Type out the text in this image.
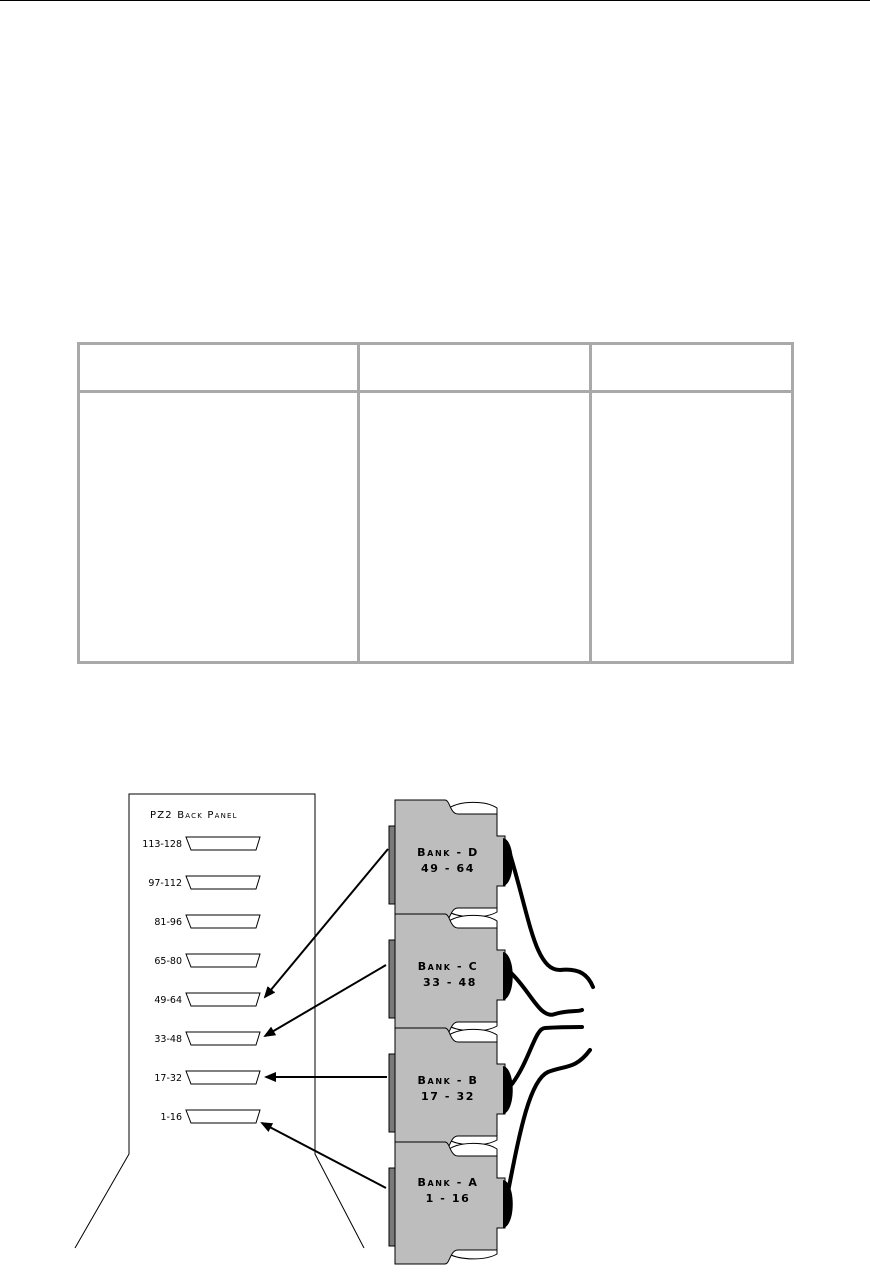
PZ2 Back Panel
113-128
97-112
81-96
65-80
49-64
33-48
17-32
1-16
Bank - D
49 - 64
Bank - C
33 - 48
Bank - B
17 - 32
Bank - A
1 - 16
